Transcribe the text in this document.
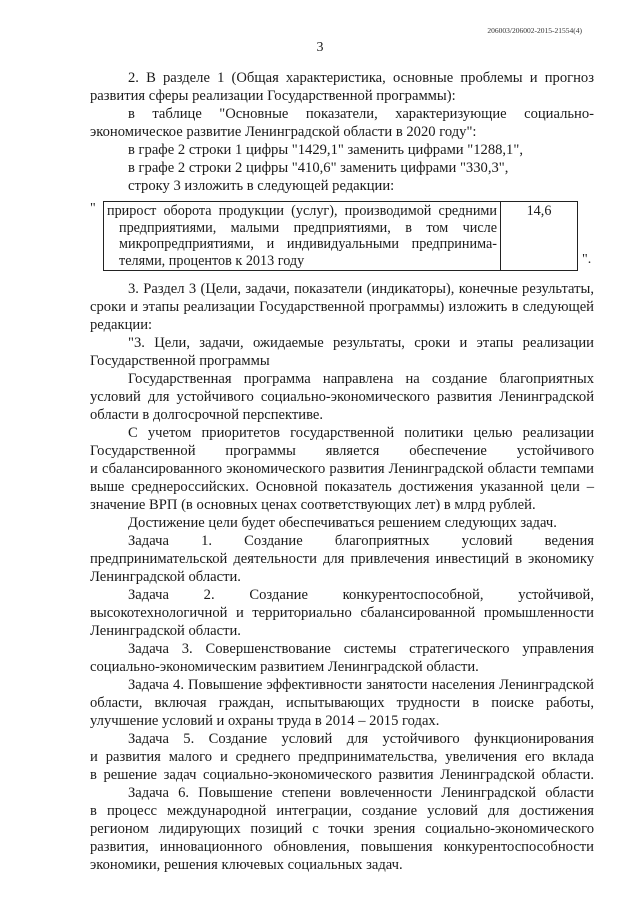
206003/206002-2015-21554(4)
3

2. В разделе 1 (Общая характеристика, основные проблемы и прогноз

развития сферы реализации Государственной программы):

в таблице "Основные показатели, характеризующие социально-

экономическое развитие Ленинградской области в 2020 году":

в графе 2 строки 1 цифры "1429,1" заменить цифрами "1288,1",

в графе 2 строки 2 цифры "410,6" заменить цифрами "330,3",

строку 3 изложить в следующей редакции:

" прирост оборота продукции (услуг), производимой средними
предприятиями, малыми предприятиями, в том числе
микропредприятиями, и индивидуальными предпринима-
телями, процентов к 2013 году
	14,6
".

3. Раздел 3 (Цели, задачи, показатели (индикаторы), конечные результаты,

сроки и этапы реализации Государственной программы) изложить в следующей

редакции:

"3. Цели, задачи, ожидаемые результаты, сроки и этапы реализации

Государственной программы

Государственная программа направлена на создание благоприятных

условий для устойчивого социально-экономического развития Ленинградской

области в долгосрочной перспективе.

С учетом приоритетов государственной политики целью реализации

Государственной программы является обеспечение устойчивого

и сбалансированного экономического развития Ленинградской области темпами

выше среднероссийских. Основной показатель достижения указанной цели –

значение ВРП (в основных ценах соответствующих лет) в млрд рублей.

Достижение цели будет обеспечиваться решением следующих задач.

Задача 1. Создание благоприятных условий ведения

предпринимательской деятельности для привлечения инвестиций в экономику

Ленинградской области.

Задача 2. Создание конкурентоспособной, устойчивой,

высокотехнологичной и территориально сбалансированной промышленности

Ленинградской области.

Задача 3. Совершенствование системы стратегического управления

социально-экономическим развитием Ленинградской области.

Задача 4. Повышение эффективности занятости населения Ленинградской

области, включая граждан, испытывающих трудности в поиске работы,

улучшение условий и охраны труда в 2014 – 2015 годах.

Задача 5. Создание условий для устойчивого функционирования

и развития малого и среднего предпринимательства, увеличения его вклада

в решение задач социально-экономического развития Ленинградской области.

Задача 6. Повышение степени вовлеченности Ленинградской области

в процесс международной интеграции, создание условий для достижения

регионом лидирующих позиций с точки зрения социально-экономического

развития, инновационного обновления, повышения конкурентоспособности

экономики, решения ключевых социальных задач.
